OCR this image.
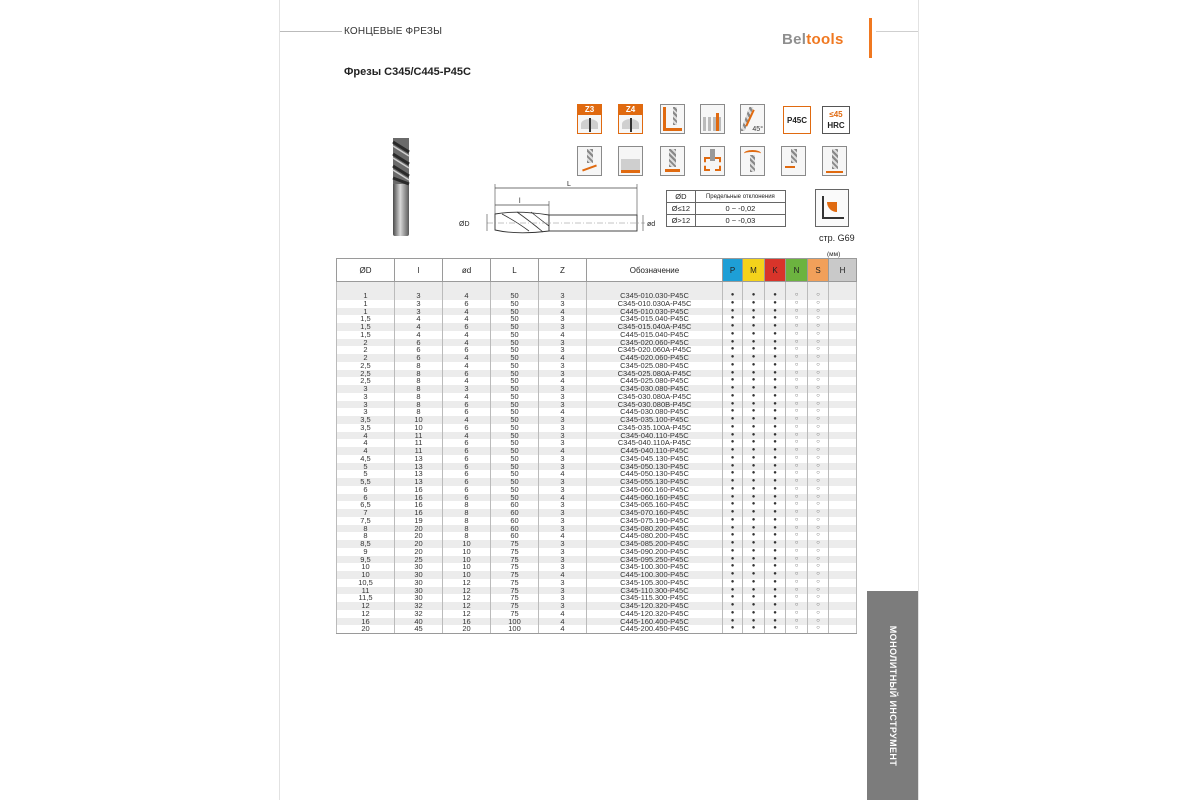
КОНЦЕВЫЕ ФРЕЗЫ	Beltools
Фрезы C345/C445-P45C
Z3	Z4
45°
P45C
≤45
HRC
L
l
ØD	ød
ØD	Предельные отклонения
Ø≤12	0 ~ -0,02
Ø>12	0 ~ -0,03
стр. G69
(мм)
ØD	l	ød	L	Z	Обозначение	P	M	K	N	S	H

1	3	4	50	3	C345-010.030-P45C	●	●	●	○	○	
1	3	6	50	3	C345-010.030A-P45C	●	●	●	○	○	
1	3	4	50	4	C445-010.030-P45C	●	●	●	○	○	
1,5	4	4	50	3	C345-015.040-P45C	●	●	●	○	○	
1,5	4	6	50	3	C345-015.040A-P45C	●	●	●	○	○	
1,5	4	4	50	4	C445-015.040-P45C	●	●	●	○	○	
2	6	4	50	3	C345-020.060-P45C	●	●	●	○	○	
2	6	6	50	3	C345-020.060A-P45C	●	●	●	○	○	
2	6	4	50	4	C445-020.060-P45C	●	●	●	○	○	
2,5	8	4	50	3	C345-025.080-P45C	●	●	●	○	○	
2,5	8	6	50	3	C345-025.080A-P45C	●	●	●	○	○	
2,5	8	4	50	4	C445-025.080-P45C	●	●	●	○	○	
3	8	3	50	3	C345-030.080-P45C	●	●	●	○	○	
3	8	4	50	3	C345-030.080A-P45C	●	●	●	○	○	
3	8	6	50	3	C345-030.080B-P45C	●	●	●	○	○	
3	8	6	50	4	C445-030.080-P45C	●	●	●	○	○	
3,5	10	4	50	3	C345-035.100-P45C	●	●	●	○	○	
3,5	10	6	50	3	C345-035.100A-P45C	●	●	●	○	○	
4	11	4	50	3	C345-040.110-P45C	●	●	●	○	○	
4	11	6	50	3	C345-040.110A-P45C	●	●	●	○	○	
4	11	6	50	4	C445-040.110-P45C	●	●	●	○	○	
4,5	13	6	50	3	C345-045.130-P45C	●	●	●	○	○	
5	13	6	50	3	C345-050.130-P45C	●	●	●	○	○	
5	13	6	50	4	C445-050.130-P45C	●	●	●	○	○	
5,5	13	6	50	3	C345-055.130-P45C	●	●	●	○	○	
6	16	6	50	3	C345-060.160-P45C	●	●	●	○	○	
6	16	6	50	4	C445-060.160-P45C	●	●	●	○	○	
6,5	16	8	60	3	C345-065.160-P45C	●	●	●	○	○	
7	16	8	60	3	C345-070.160-P45C	●	●	●	○	○	
7,5	19	8	60	3	C345-075.190-P45C	●	●	●	○	○	
8	20	8	60	3	C345-080.200-P45C	●	●	●	○	○	
8	20	8	60	4	C445-080.200-P45C	●	●	●	○	○	
8,5	20	10	75	3	C345-085.200-P45C	●	●	●	○	○	
9	20	10	75	3	C345-090.200-P45C	●	●	●	○	○	
9,5	25	10	75	3	C345-095.250-P45C	●	●	●	○	○	
10	30	10	75	3	C345-100.300-P45C	●	●	●	○	○	
10	30	10	75	4	C445-100.300-P45C	●	●	●	○	○	
10,5	30	12	75	3	C345-105.300-P45C	●	●	●	○	○	
11	30	12	75	3	C345-110.300-P45C	●	●	●	○	○	
11,5	30	12	75	3	C345-115.300-P45C	●	●	●	○	○	
12	32	12	75	3	C345-120.320-P45C	●	●	●	○	○	
12	32	12	75	4	C445-120.320-P45C	●	●	●	○	○	
16	40	16	100	4	C445-160.400-P45C	●	●	●	○	○	
20	45	20	100	4	C445-200.450-P45C	●	●	●	○	○		МОНОЛИТНЫЙ ИНСТРУМЕНТ
